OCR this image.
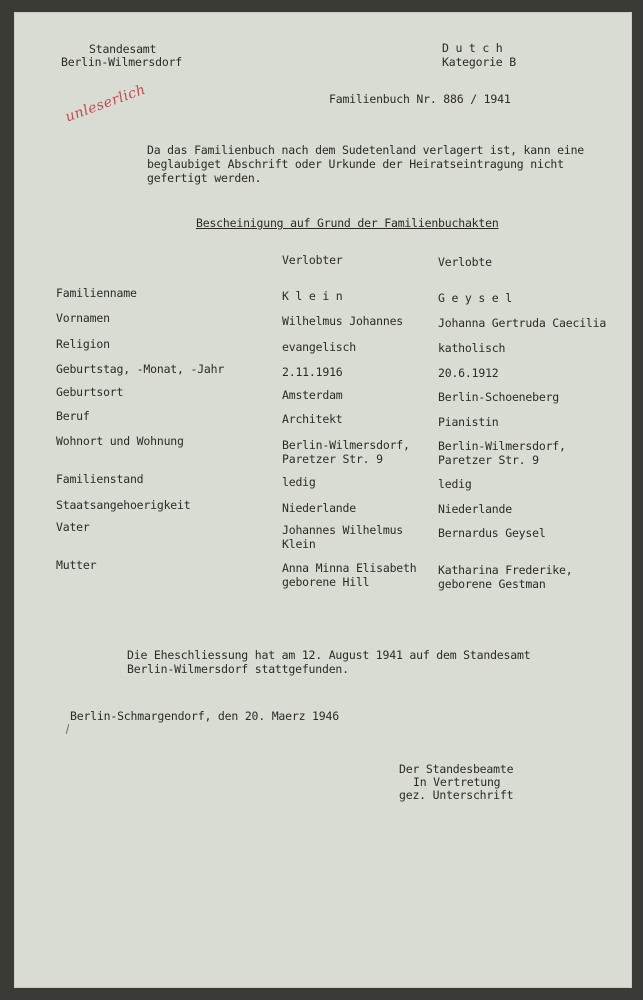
Standesamt
Berlin-Wilmersdorf
D u t c h
Kategorie B
Familienbuch Nr. 886 / 1941
unleserlich
Da das Familienbuch nach dem Sudetenland verlagert ist, kann eine
beglaubiget Abschrift oder Urkunde der Heiratseintragung nicht
gefertigt werden.
Bescheinigung auf Grund der Familienbuchakten
Verlobter	Verlobte
Familienname
Vornamen
Religion
Geburtstag, -Monat, -Jahr
Geburtsort
Beruf
Wohnort und Wohnung
Familienstand
Staatsangehoerigkeit
Vater
Mutter
K l e i n
Wilhelmus Johannes
evangelisch
2.11.1916
Amsterdam
Architekt
Berlin-Wilmersdorf,
Paretzer Str. 9
ledig
Niederlande
Johannes Wilhelmus
Klein
Anna Minna Elisabeth
geborene Hill
G e y s e l
Johanna Gertruda Caecilia
katholisch
20.6.1912
Berlin-Schoeneberg
Pianistin
Berlin-Wilmersdorf,
Paretzer Str. 9
ledig
Niederlande
Bernardus Geysel
Katharina Frederike,
geborene Gestman
Die Eheschliessung hat am 12. August 1941 auf dem Standesamt
Berlin-Wilmersdorf stattgefunden.
Berlin-Schmargendorf, den 20. Maerz 1946
Der Standesbeamte
In Vertretung
gez. Unterschrift
